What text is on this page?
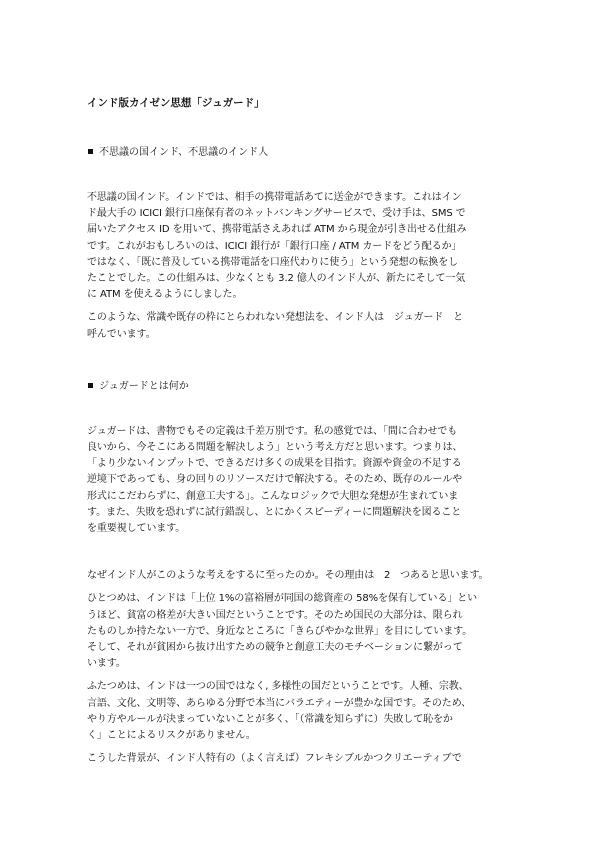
インド版カイゼン思想「ジュガード」
不思議の国インド、不思議のインド人
不思議の国インド。インドでは、相手の携帯電話あてに送金ができます。これはイン
ド最大手の ICICI 銀行口座保有者のネットバンキングサービスで、受け手は、SMS で
届いたアクセス ID を用いて、携帯電話さえあれば ATM から現金が引き出せる仕組み
です。これがおもしろいのは、ICICI 銀行が「銀行口座 / ATM カードをどう配るか」
ではなく、「既に普及している携帯電話を口座代わりに使う」という発想の転換をし
たことでした。この仕組みは、少なくとも 3.2 億人のインド人が、新たにそして一気
に ATM を使えるようにしました。
このような、常識や既存の枠にとらわれない発想法を、インド人は　ジュガード　と
呼んでいます。
ジュガードとは何か
ジュガードは、書物でもその定義は千差万別です。私の感覚では、「間に合わせでも
良いから、今そこにある問題を解決しよう」という考え方だと思います。つまりは、
「より少ないインプットで、できるだけ多くの成果を目指す。資源や資金の不足する
逆境下であっても、身の回りのリソースだけで解決する。そのため、既存のルールや
形式にこだわらずに、創意工夫する」。こんなロジックで大胆な発想が生まれていま
す。また、失敗を恐れずに試行錯誤し、とにかくスピーディーに問題解決を図ること
を重要視しています。
なぜインド人がこのような考えをするに至ったのか。その理由は　2　つあると思います。
ひとつめは、インドは「上位 1%の富裕層が同国の総資産の 58%を保有している」とい
うほど、貧富の格差が大きい国だということです。そのため国民の大部分は、限られ
たものしか持たない一方で、身近なところに「きらびやかな世界」を目にしています。
そして、それが貧困から抜け出すための競争と創意工夫のモチベーションに繋がって
います。
ふたつめは、インドは一つの国ではなく, 多様性の国だということです。人種、宗教、
言語、文化、文明等、あらゆる分野で本当にバラエティーが豊かな国です。そのため、
やり方やルールが決まっていないことが多く、「（常識を知らずに）失敗して恥をか
く」ことによるリスクがありません。
こうした背景が、インド人特有の（よく言えば）フレキシブルかつクリエーティブで
